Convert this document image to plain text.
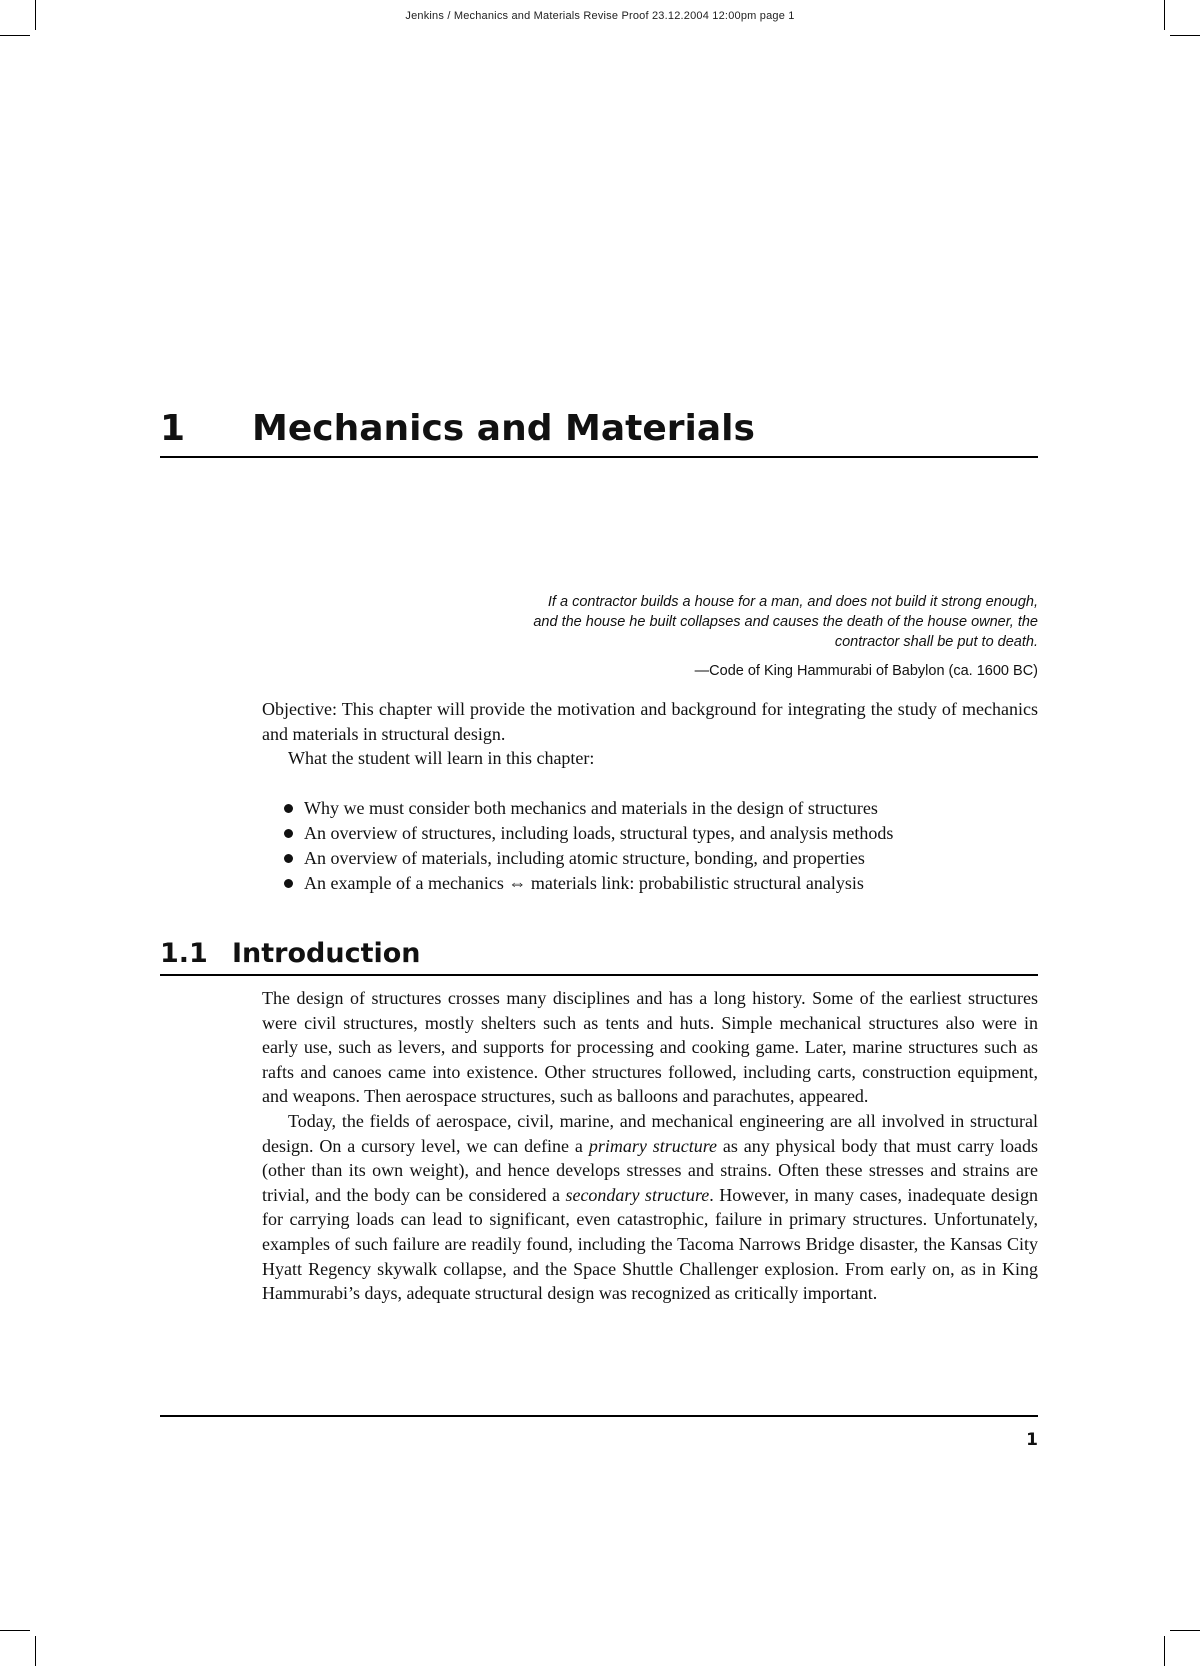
Jenkins / Mechanics and Materials Revise Proof 23.12.2004 12:00pm page 1
1 Mechanics and Materials
If a contractor builds a house for a man, and does not build it strong enough,
and the house he built collapses and causes the death of the house owner, the
contractor shall be put to death.
—Code of King Hammurabi of Babylon (ca. 1600 BC)

Objective: This chapter will provide the motivation and background for integrating the study of mechanics and materials in structural design.

What the student will learn in this chapter:

Why we must consider both mechanics and materials in the design of structures
An overview of structures, including loads, structural types, and analysis methods
An overview of materials, including atomic structure, bonding, and properties
An example of a mechanics ⇔ materials link: probabilistic structural analysis
1.1 Introduction

The design of structures crosses many disciplines and has a long history. Some of the earliest structures were civil structures, mostly shelters such as tents and huts. Simple mechanical structures also were in early use, such as levers, and supports for processing and cooking game. Later, marine structures such as rafts and canoes came into existence. Other structures followed, including carts, construction equipment, and weapons. Then aerospace structures, such as balloons and parachutes, appeared.

Today, the fields of aerospace, civil, marine, and mechanical engineering are all involved in structural design. On a cursory level, we can define a primary structure as any physical body that must carry loads (other than its own weight), and hence develops stresses and strains. Often these stresses and strains are trivial, and the body can be considered a secondary structure. However, in many cases, inadequate design for carrying loads can lead to significant, even catastrophic, failure in primary structures. Unfortunately, examples of such failure are readily found, including the Tacoma Narrows Bridge disaster, the Kansas City Hyatt Regency skywalk collapse, and the Space Shuttle Challenger explosion. From early on, as in King Hammurabi’s days, adequate structural design was recognized as critically important.

1
